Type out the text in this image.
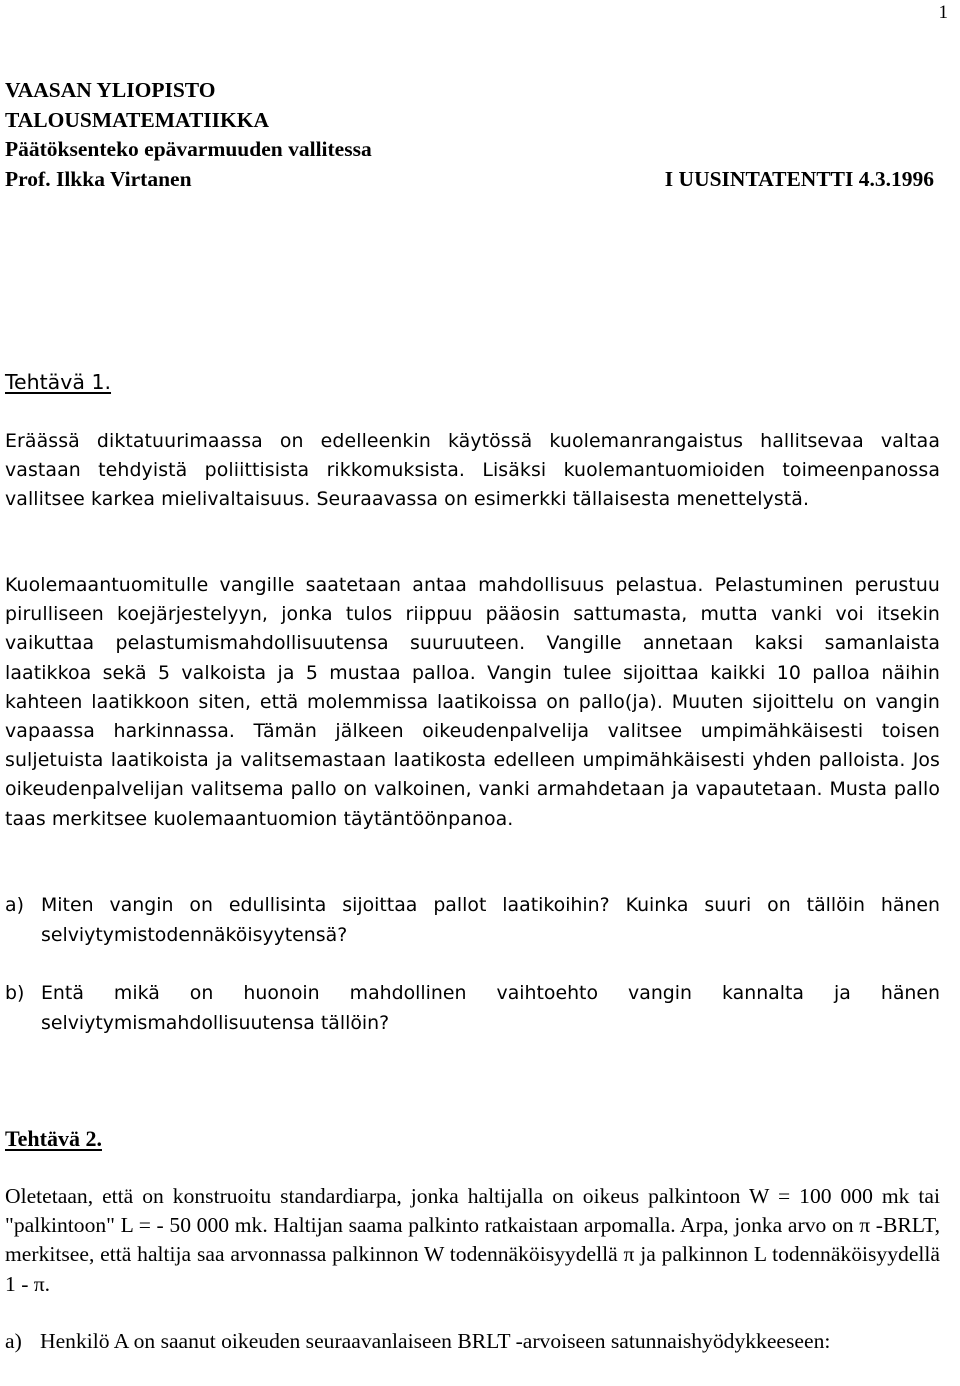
1
VAASAN YLIOPISTO
TALOUSMATEMATIIKKA
Päätöksenteko epävarmuuden vallitessa
Prof. Ilkka Virtanen	I UUSINTATENTTI 4.3.1996
Tehtävä 1.

Eräässä diktatuurimaassa on edelleenkin käytössä kuolemanrangaistus hallitsevaa valtaa vastaan tehdyistä poliittisista rikkomuksista. Lisäksi kuolemantuomioiden toimeenpanossa vallitsee karkea mielivaltaisuus. Seuraavassa on esimerkki tällaisesta menettelystä.

Kuolemaantuomitulle vangille saatetaan antaa mahdollisuus pelastua. Pelastuminen perustuu pirulliseen koejärjestelyyn, jonka tulos riippuu pääosin sattumasta, mutta vanki voi itsekin vaikuttaa pelastumismahdollisuutensa suuruuteen. Vangille annetaan kaksi samanlaista laatikkoa sekä 5 valkoista ja 5 mustaa palloa. Vangin tulee sijoittaa kaikki 10 palloa näihin kahteen laatikkoon siten, että molemmissa laatikoissa on pallo(ja). Muuten sijoittelu on vangin vapaassa harkinnassa. Tämän jälkeen oikeudenpalvelija valitsee umpimähkäisesti toisen suljetuista laatikoista ja valitsemastaan laatikosta edelleen umpimähkäisesti yhden palloista. Jos oikeudenpalvelijan valitsema pallo on valkoinen, vanki armahdetaan ja vapautetaan. Musta pallo taas merkitsee kuolemaantuomion täytäntöönpanoa.

a) Miten vangin on edullisinta sijoittaa pallot laatikoihin? Kuinka suuri on tällöin hänen selviytymistodennäköisyytensä?

b) Entä mikä on huonoin mahdollinen vaihtoehto vangin kannalta ja hänen selviytymismahdollisuutensa tällöin?

Tehtävä 2.

Oletetaan, että on konstruoitu standardiarpa, jonka haltijalla on oikeus palkintoon W = 100 000 mk tai "palkintoon" L = - 50 000 mk. Haltijan saama palkinto ratkaistaan arpomalla. Arpa, jonka arvo on π -BRLT, merkitsee, että haltija saa arvonnassa palkinnon W todennäköisyydellä π ja palkinnon L todennäköisyydellä 1 - π.

a) Henkilö A on saanut oikeuden seuraavanlaiseen BRLT -arvoiseen satunnaishyödykkeeseen:
